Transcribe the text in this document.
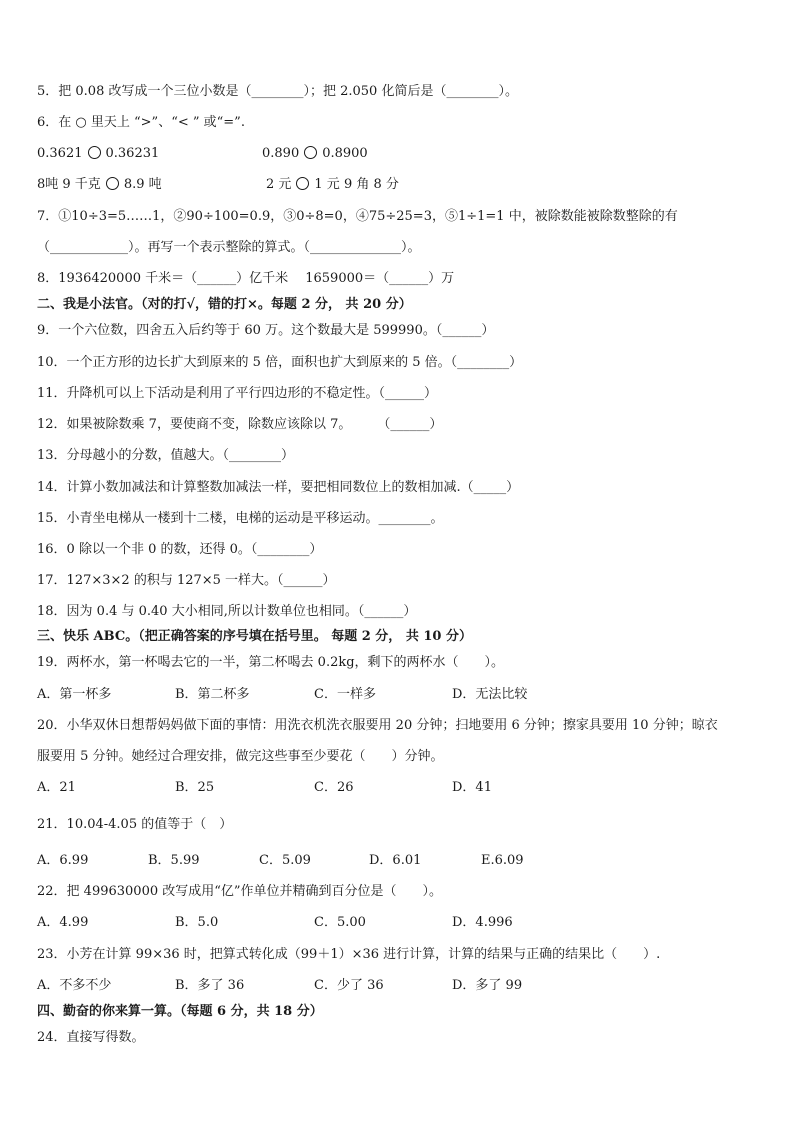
5．把 0.08 改写成一个三位小数是（________）；把 2.050 化简后是（________）。
6．在 ○ 里天上 “>”、“< ” 或“=”.
0.3621 0.36231	0.890 0.8900
8吨 9 千克 8.9 吨	2 元 1 元 9 角 8 分
7．①10÷3=5……1，②90÷100=0.9，③0÷8=0，④75÷25=3，⑤1÷1=1 中，被除数能被除数整除的有
（____________）。再写一个表示整除的算式。（______________）。
8．1936420000 千米＝（______）亿千米　 1659000＝（______）万
二、我是小法官。（对的打√，错的打×。每题 2 分， 共 20 分）
9．一个六位数，四舍五入后约等于 60 万。这个数最大是 599990。（______）
10．一个正方形的边长扩大到原来的 5 倍，面积也扩大到原来的 5 倍。（________）
11．升降机可以上下活动是利用了平行四边形的不稳定性。（______）
12．如果被除数乘 7，要使商不变，除数应该除以 7。　　　（______）
13．分母越小的分数，值越大。（________）
14．计算小数加减法和计算整数加减法一样，要把相同数位上的数相加减.（_____）
15．小青坐电梯从一楼到十二楼，电梯的运动是平移运动。________。
16．0 除以一个非 0 的数，还得 0。（________）
17．127×3×2 的积与 127×5 一样大。（______）
18．因为 0.4 与 0.40 大小相同,所以计数单位也相同。（______）
三、快乐 ABC。（把正确答案的序号填在括号里。 每题 2 分， 共 10 分）
19．两杯水，第一杯喝去它的一半，第二杯喝去 0.2kg，剩下的两杯水（　　）。
A．第一杯多	B．第二杯多	C．一样多	D．无法比较
20．小华双休日想帮妈妈做下面的事情：用洗衣机洗衣服要用 20 分钟；扫地要用 6 分钟；擦家具要用 10 分钟；晾衣
服要用 5 分钟。她经过合理安排，做完这些事至少要花（　　）分钟。
A．21	B．25	C．26	D．41
21．10.04-4.05 的值等于（　）
A．6.99	B．5.99	C．5.09	D．6.01	E.6.09
22．把 499630000 改写成用“亿”作单位并精确到百分位是（　　）。
A．4.99	B．5.0	C．5.00	D．4.996
23．小芳在计算 99×36 时，把算式转化成（99＋1）×36 进行计算，计算的结果与正确的结果比（　　）.
A．不多不少	B．多了 36	C．少了 36	D．多了 99
四、勤奋的你来算一算。（每题 6 分，共 18 分）
24．直接写得数。
